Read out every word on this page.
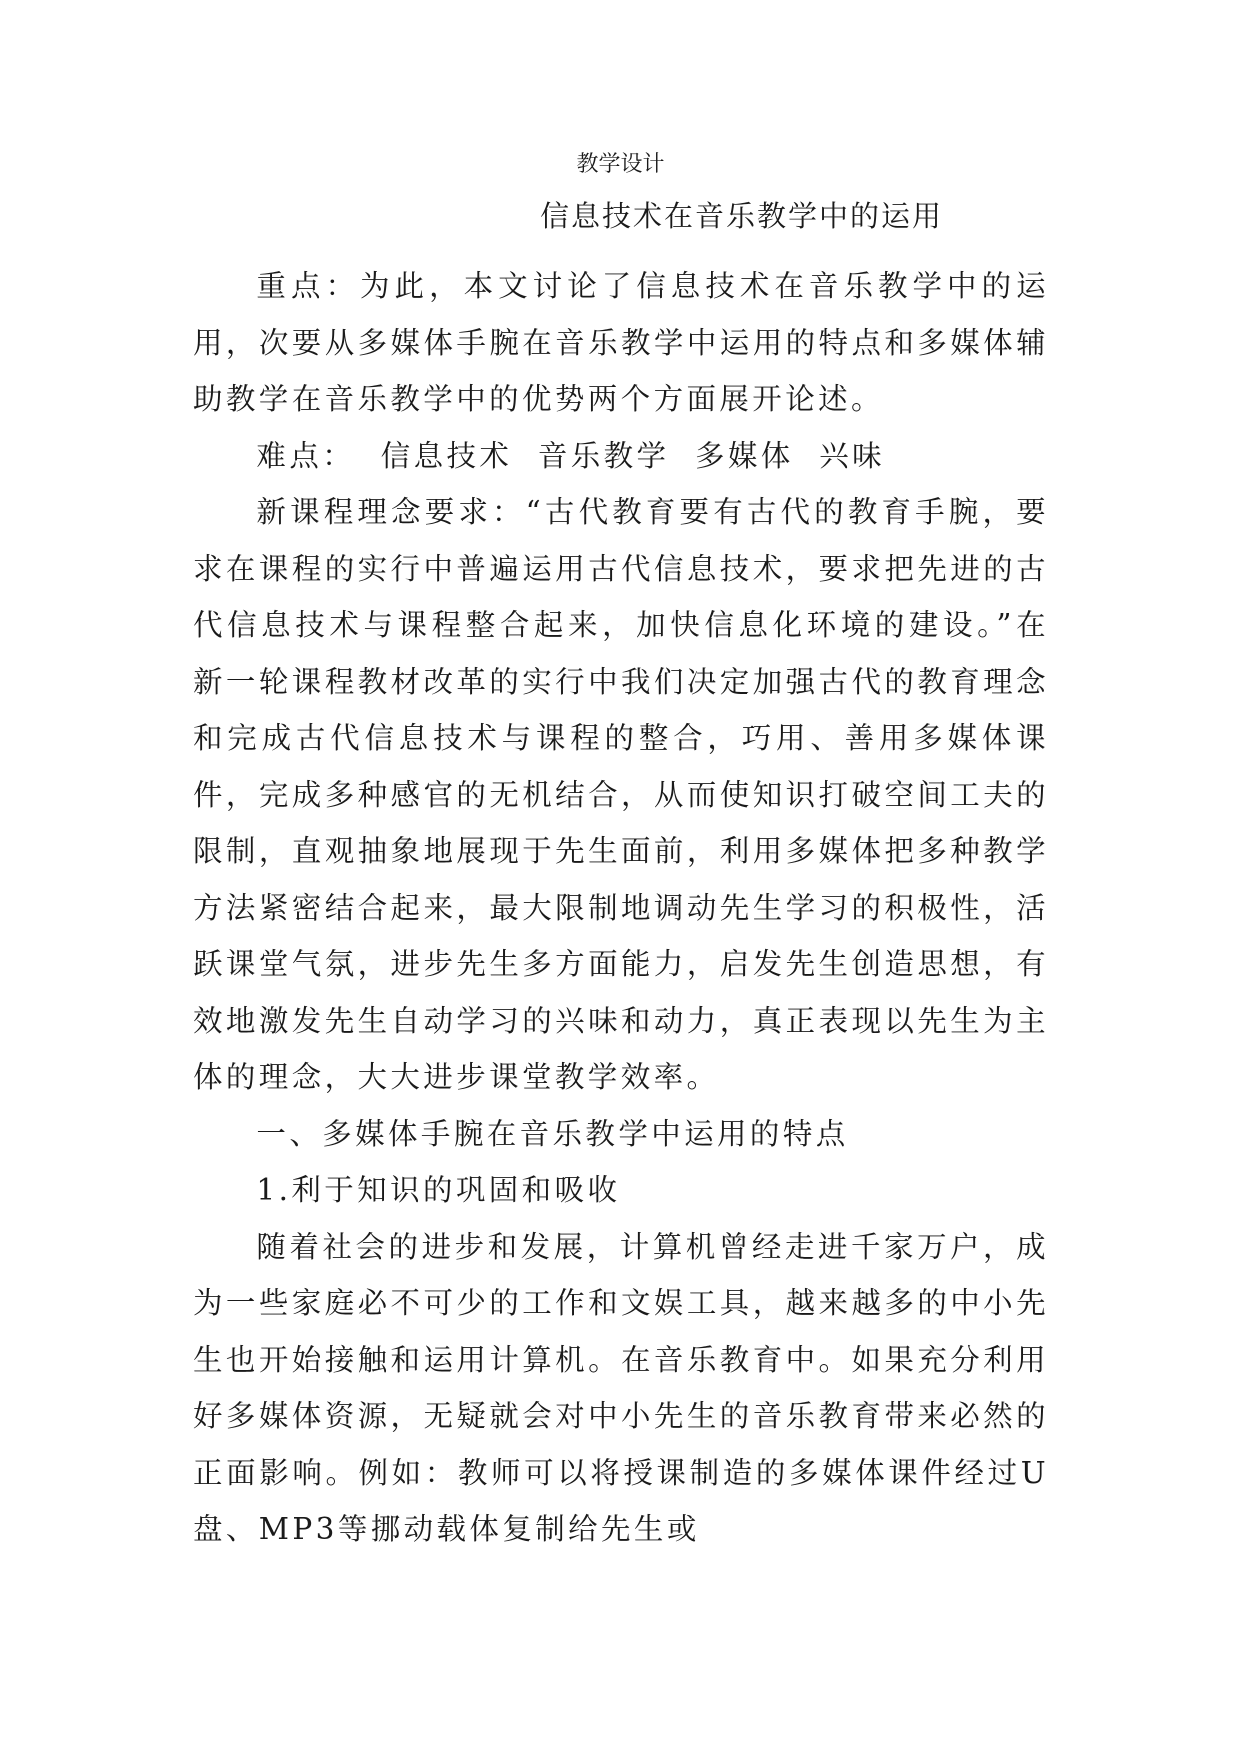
教学设计
信息技术在音乐教学中的运用

重点：为此，本文讨论了信息技术在音乐教学中的运用，次要从多媒体手腕在音乐教学中运用的特点和多媒体辅助教学在音乐教学中的优势两个方面展开论述。

难点：  信息技术  音乐教学  多媒体  兴味

新课程理念要求：“古代教育要有古代的教育手腕，要求在课程的实行中普遍运用古代信息技术，要求把先进的古代信息技术与课程整合起来，加快信息化环境的建设。”在新一轮课程教材改革的实行中我们决定加强古代的教育理念和完成古代信息技术与课程的整合，巧用、善用多媒体课件，完成多种感官的无机结合，从而使知识打破空间工夫的限制，直观抽象地展现于先生面前，利用多媒体把多种教学方法紧密结合起来，最大限制地调动先生学习的积极性，活跃课堂气氛，进步先生多方面能力，启发先生创造思想，有效地激发先生自动学习的兴味和动力，真正表现以先生为主体的理念，大大进步课堂教学效率。

一、多媒体手腕在音乐教学中运用的特点

1.利于知识的巩固和吸收

随着社会的进步和发展，计算机曾经走进千家万户，成为一些家庭必不可少的工作和文娱工具，越来越多的中小先生也开始接触和运用计算机。在音乐教育中。如果充分利用好多媒体资源，无疑就会对中小先生的音乐教育带来必然的正面影响。例如：教师可以将授课制造的多媒体课件经过U盘、MP3等挪动载体复制给先生或
